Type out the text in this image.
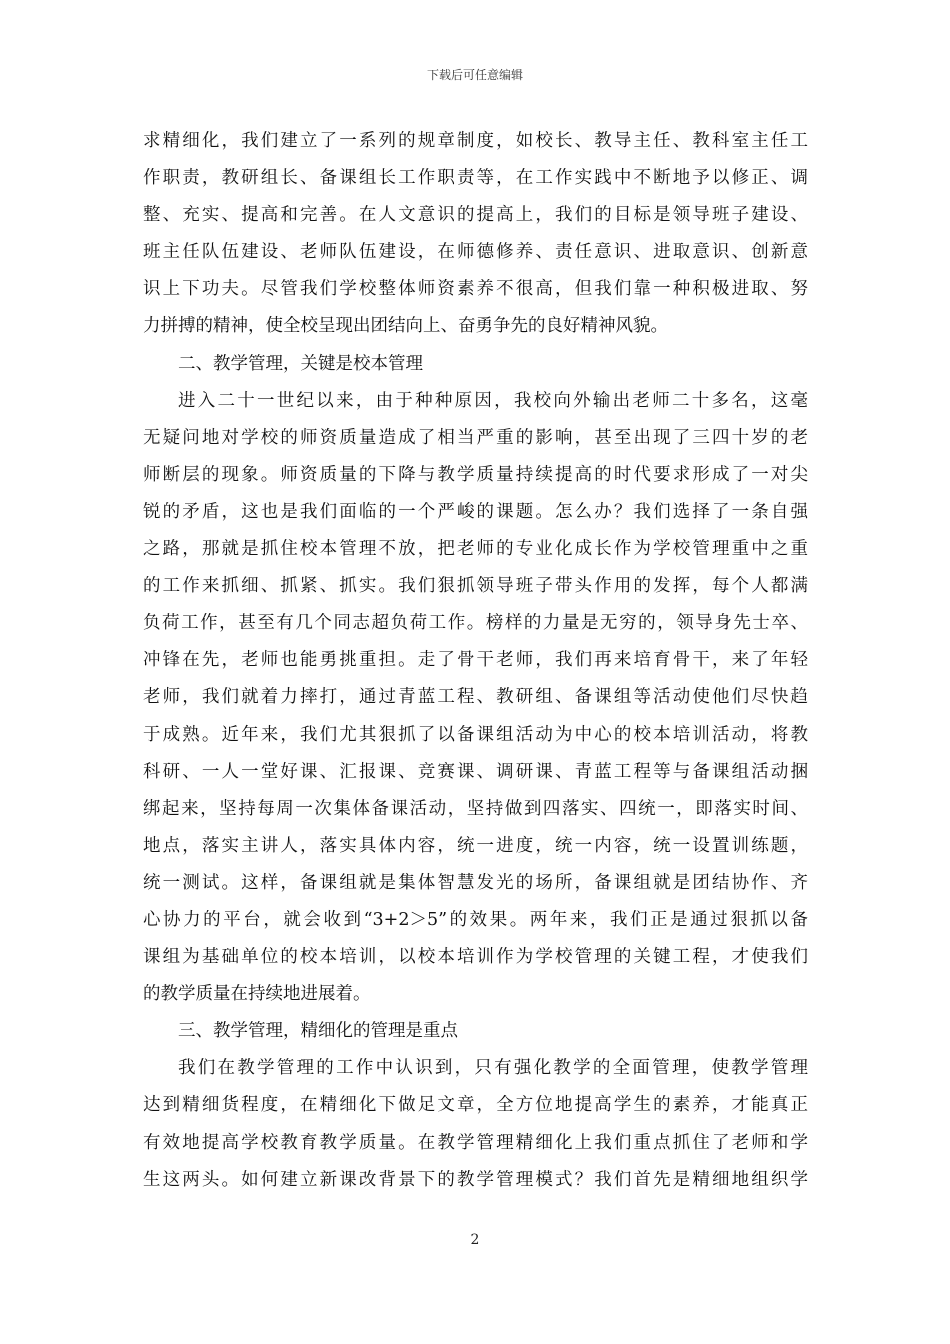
下载后可任意编辑
求精细化，我们建立了一系列的规章制度，如校长、教导主任、教科室主任工
作职责，教研组长、备课组长工作职责等，在工作实践中不断地予以修正、调
整、充实、提高和完善。在人文意识的提高上，我们的目标是领导班子建设、
班主任队伍建设、老师队伍建设，在师德修养、责任意识、进取意识、创新意
识上下功夫。尽管我们学校整体师资素养不很高，但我们靠一种积极进取、努
力拼搏的精神，使全校呈现出团结向上、奋勇争先的良好精神风貌。
二、教学管理，关键是校本管理
进入二十一世纪以来，由于种种原因，我校向外输出老师二十多名，这毫
无疑问地对学校的师资质量造成了相当严重的影响，甚至出现了三四十岁的老
师断层的现象。师资质量的下降与教学质量持续提高的时代要求形成了一对尖
锐的矛盾，这也是我们面临的一个严峻的课题。怎么办？我们选择了一条自强
之路，那就是抓住校本管理不放，把老师的专业化成长作为学校管理重中之重
的工作来抓细、抓紧、抓实。我们狠抓领导班子带头作用的发挥，每个人都满
负荷工作，甚至有几个同志超负荷工作。榜样的力量是无穷的，领导身先士卒、
冲锋在先，老师也能勇挑重担。走了骨干老师，我们再来培育骨干，来了年轻
老师，我们就着力摔打，通过青蓝工程、教研组、备课组等活动使他们尽快趋
于成熟。近年来，我们尤其狠抓了以备课组活动为中心的校本培训活动，将教
科研、一人一堂好课、汇报课、竞赛课、调研课、青蓝工程等与备课组活动捆
绑起来，坚持每周一次集体备课活动，坚持做到四落实、四统一，即落实时间、
地点，落实主讲人，落实具体内容，统一进度，统一内容，统一设置训练题，
统一测试。这样，备课组就是集体智慧发光的场所，备课组就是团结协作、齐
心协力的平台，就会收到“3+2＞5”的效果。两年来，我们正是通过狠抓以备
课组为基础单位的校本培训，以校本培训作为学校管理的关键工程，才使我们
的教学质量在持续地进展着。
三、教学管理，精细化的管理是重点
我们在教学管理的工作中认识到，只有强化教学的全面管理，使教学管理
达到精细货程度，在精细化下做足文章，全方位地提高学生的素养，才能真正
有效地提高学校教育教学质量。在教学管理精细化上我们重点抓住了老师和学
生这两头。如何建立新课改背景下的教学管理模式？我们首先是精细地组织学
2
